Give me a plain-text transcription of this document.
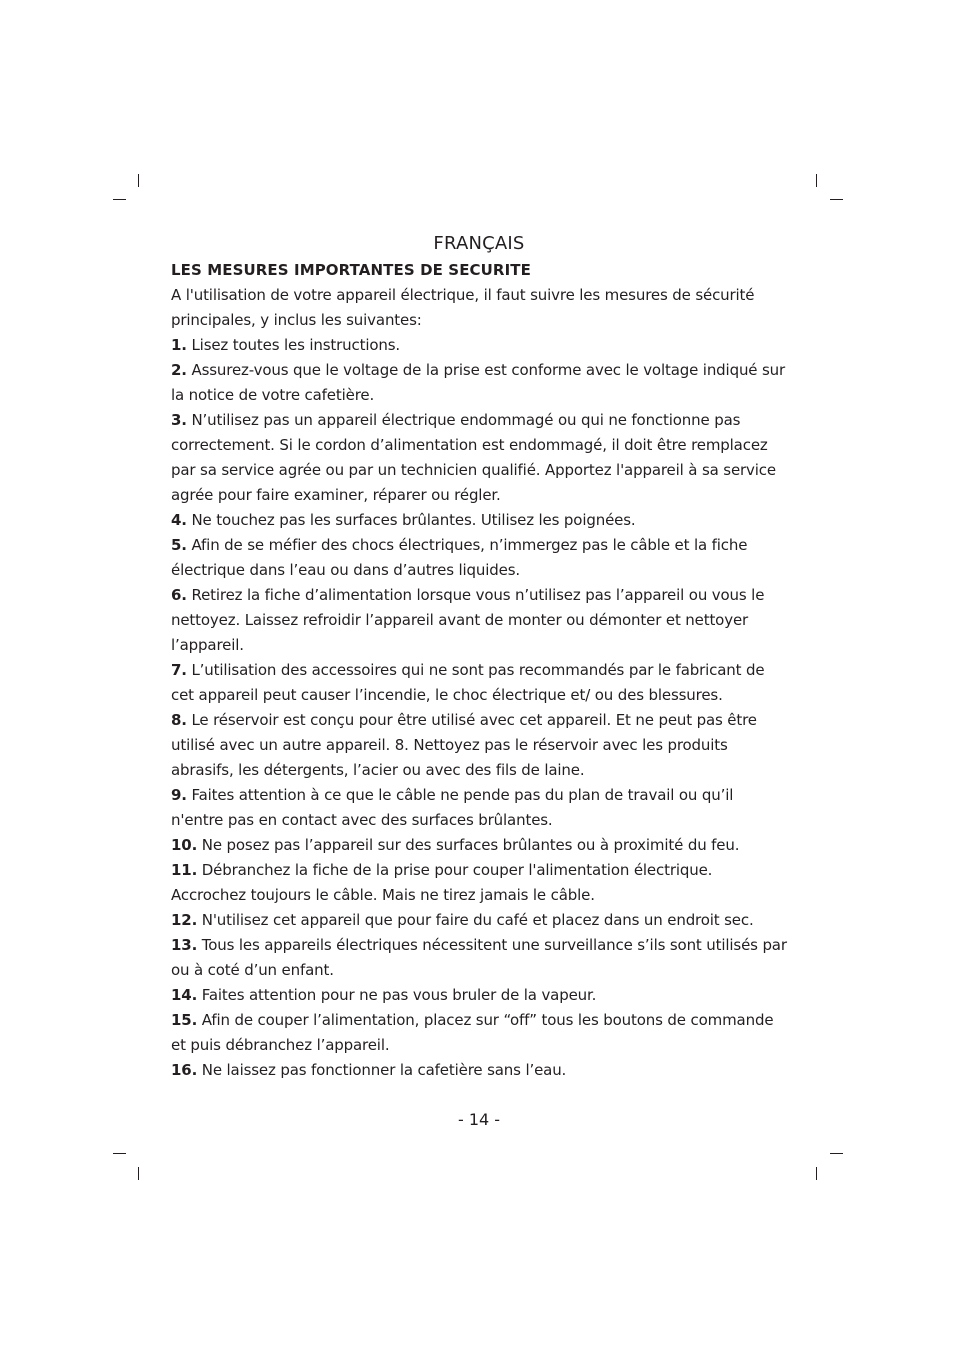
FRANÇAIS
LES MESURES IMPORTANTES DE SECURITE

A l'utilisation de votre appareil électrique, il faut suivre les mesures de sécurité principales, y inclus les suivantes:

1. Lisez toutes les instructions.

2. Assurez-vous que le voltage de la prise est conforme avec le voltage indiqué sur la notice de votre cafetière.

3. N’utilisez pas un appareil électrique endommagé ou qui ne fonctionne pas correctement. Si le cordon d’alimentation est endommagé, il doit être remplacez par sa service agrée ou par un technicien qualifié. Apportez l'appareil à sa service agrée pour faire examiner, réparer ou régler.

4. Ne touchez pas les surfaces brûlantes. Utilisez les poignées.

5. Afin de se méfier des chocs électriques, n’immergez pas le câble et la fiche électrique dans l’eau ou dans d’autres liquides.

6. Retirez la fiche d’alimentation lorsque vous n’utilisez pas l’appareil ou vous le nettoyez. Laissez refroidir l’appareil avant de monter ou démonter et nettoyer l’appareil.

7. L’utilisation des accessoires qui ne sont pas recommandés par le fabricant de cet appareil peut causer l’incendie, le choc électrique et/ ou des blessures.

8. Le réservoir est conçu pour être utilisé avec cet appareil. Et ne peut pas être utilisé avec un autre appareil. 8. Nettoyez pas le réservoir avec les produits abrasifs, les détergents, l’acier ou avec des fils de laine.

9. Faites attention à ce que le câble ne pende pas du plan de travail ou qu’il n'entre pas en contact avec des surfaces brûlantes.

10. Ne posez pas l’appareil sur des surfaces brûlantes ou à proximité du feu.

11. Débranchez la fiche de la prise pour couper l'alimentation électrique. Accrochez toujours le câble. Mais ne tirez jamais le câble.

12. N'utilisez cet appareil que pour faire du café et placez dans un endroit sec.

13. Tous les appareils électriques nécessitent une surveillance s’ils sont utilisés par ou à coté d’un enfant.

14. Faites attention pour ne pas vous bruler de la vapeur.

15. Afin de couper l’alimentation, placez sur “off” tous les boutons de commande et puis débranchez l’appareil.

16. Ne laissez pas fonctionner la cafetière sans l’eau.

- 14 -
